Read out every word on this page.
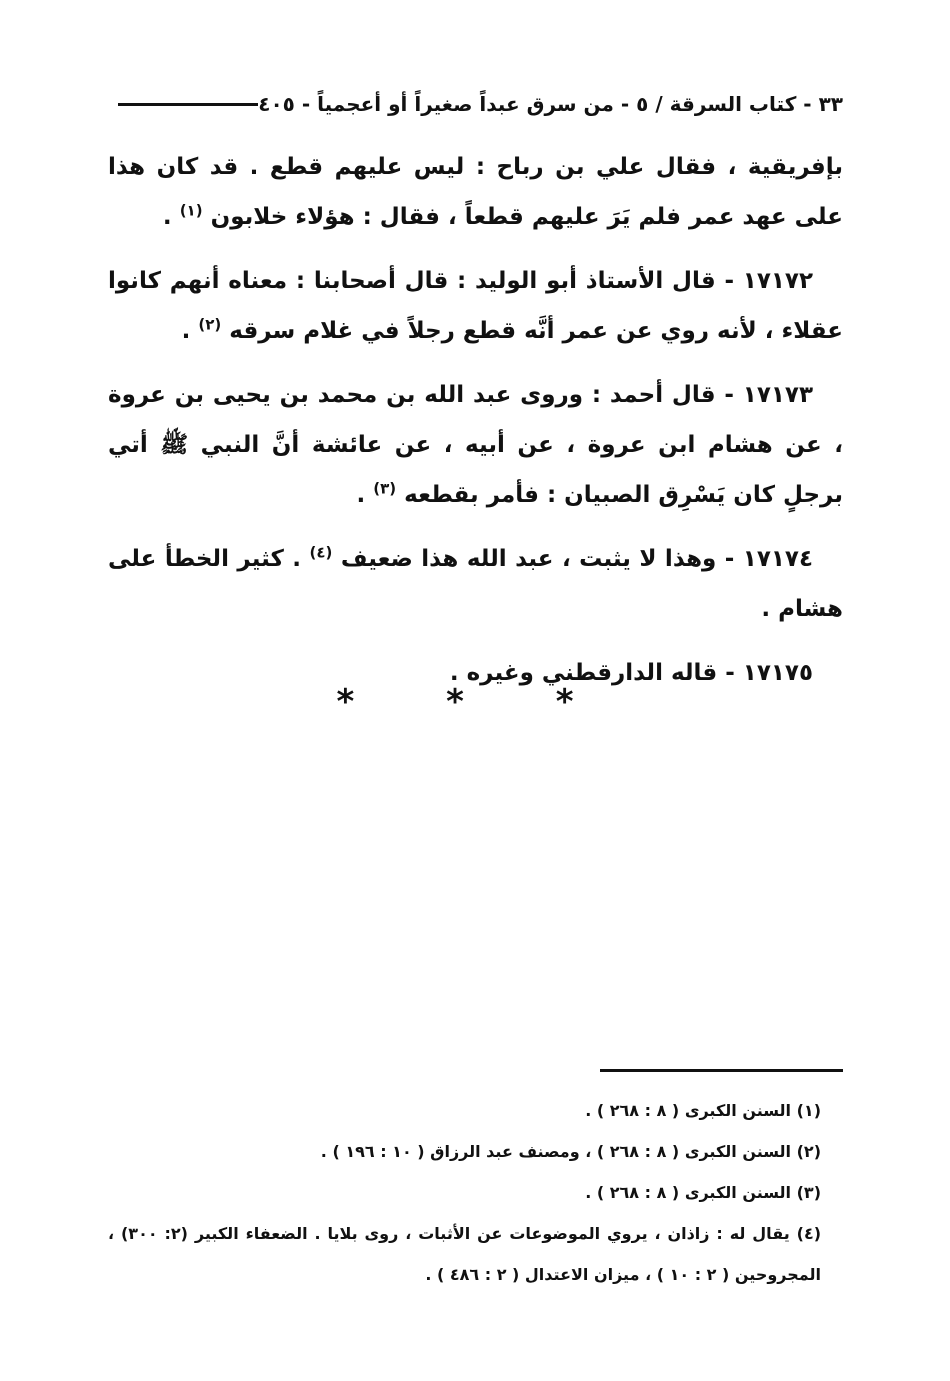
٣٣ - كتاب السرقة / ٥ - من سرق عبداً صغيراً أو أعجمياً - ٤٠٥

بإفريقية ، فقال علي بن رباح : ليس عليهم قطع . قد كان هذا على عهد عمر فلم يَرَ عليهم قطعاً ، فقال : هؤلاء خلابون $^{(١)}$ .

١٧١٧٢ - قال الأستاذ أبو الوليد : قال أصحابنا : معناه أنهم كانوا عقلاء ، لأنه روي عن عمر أنَّه قطع رجلاً في غلام سرقه $^{(٢)}$ .

١٧١٧٣ - قال أحمد : وروى عبد الله بن محمد بن يحيى بن عروة ، عن هشام ابن عروة ، عن أبيه ، عن عائشة أنَّ النبي ﷺ أتي برجلٍ كان يَسْرِق الصبيان : فأمر بقطعه $^{(٣)}$ .

١٧١٧٤ - وهذا لا يثبت ، عبد الله هذا ضعيف $^{(٤)}$ . كثير الخطأ على هشام .

١٧١٧٥ - قاله الدارقطني وغيره .

* * *

(١) السنن الكبرى ( ٨ : ٢٦٨ ) .

(٢) السنن الكبرى ( ٨ : ٢٦٨ ) ، ومصنف عبد الرزاق ( ١٠ : ١٩٦ ) .

(٣) السنن الكبرى ( ٨ : ٢٦٨ ) .

(٤) يقال له : زاذان ، يروي الموضوعات عن الأثبات ، روى بلايا . الضعفاء الكبير (٢: ٣٠٠) ، المجروحين ( ٢ : ١٠ ) ، ميزان الاعتدال ( ٢ : ٤٨٦ ) .
